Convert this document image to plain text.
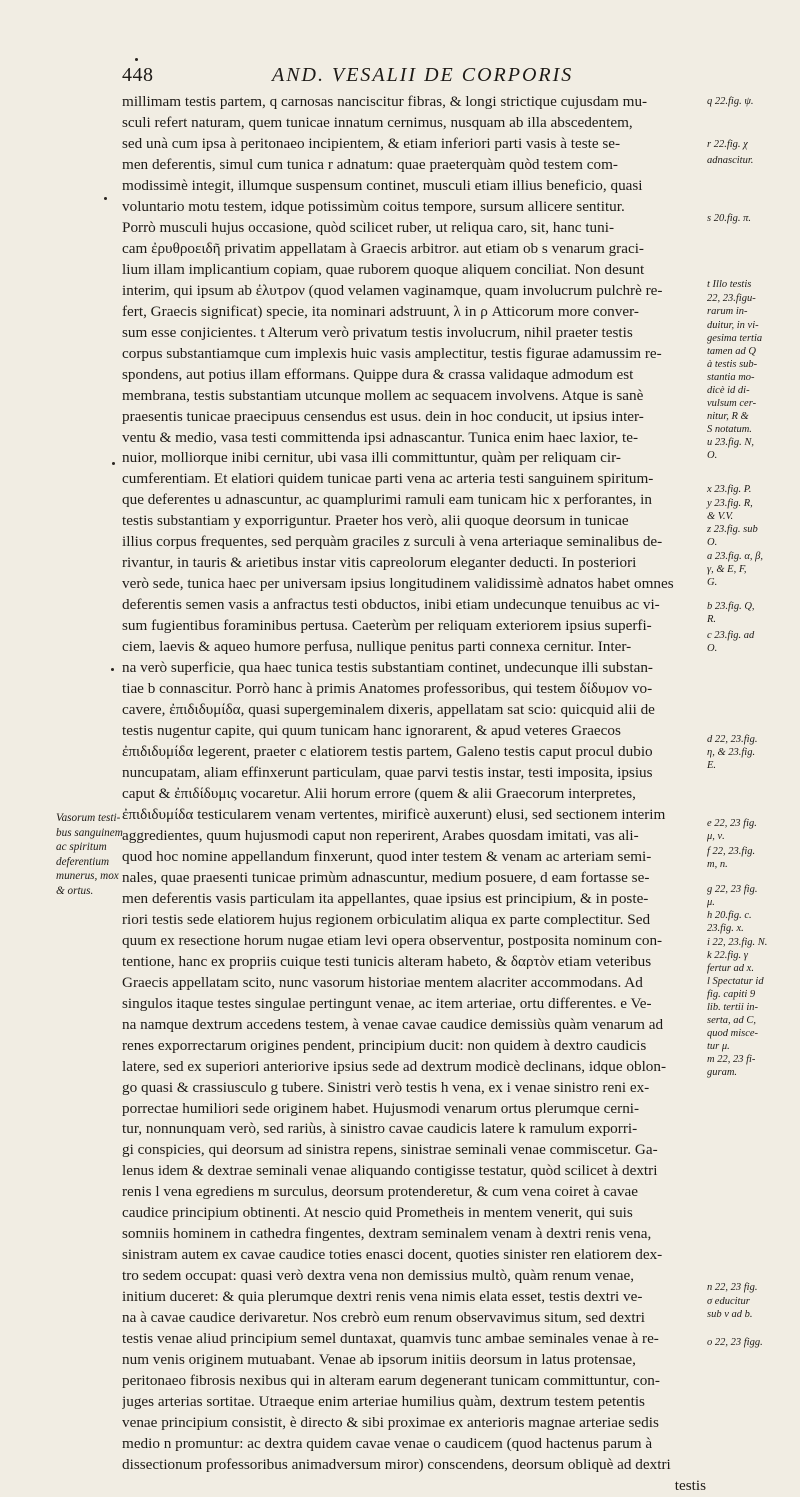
448	AND. VESALII DE CORPORIS
millimam testis partem, q carnosas nanciscitur fibras, & longi strictique cujusdam mu-
sculi refert naturam, quem tunicae innatum cernimus, nusquam ab illa abscedentem,
sed unà cum ipsa à peritonaeo incipientem, & etiam inferiori parti vasis à teste se-
men deferentis, simul cum tunica r adnatum: quae praeterquàm quòd testem com-
modissimè integit, illumque suspensum continet, musculi etiam illius beneficio, quasi
voluntario motu testem, idque potissimùm coitus tempore, sursum allicere sentitur.
Porrò musculi hujus occasione, quòd scilicet ruber, ut reliqua caro, sit, hanc tuni-
cam ἐρυθροειδῆ privatim appellatam à Graecis arbitror. aut etiam ob s venarum graci-
lium illam implicantium copiam, quae ruborem quoque aliquem conciliat. Non desunt
interim, qui ipsum ab ἐλυτρον (quod velamen vaginamque, quam involucrum pulchrè re-
fert, Graecis significat) specie, ita nominari adstruunt, λ in ρ Atticorum more conver-
sum esse conjicientes. t Alterum verò privatum testis involucrum, nihil praeter testis
corpus substantiamque cum implexis huic vasis amplectitur, testis figurae adamussim re-
spondens, aut potius illam efformans. Quippe dura & crassa validaque admodum est
membrana, testis substantiam utcunque mollem ac sequacem involvens. Atque is sanè
praesentis tunicae praecipuus censendus est usus. dein in hoc conducit, ut ipsius inter-
ventu & medio, vasa testi committenda ipsi adnascantur. Tunica enim haec laxior, te-
nuior, molliorque inibi cernitur, ubi vasa illi committuntur, quàm per reliquam cir-
cumferentiam. Et elatiori quidem tunicae parti vena ac arteria testi sanguinem spiritum-
que deferentes u adnascuntur, ac quamplurimi ramuli eam tunicam hic x perforantes, in
testis substantiam y exporriguntur. Praeter hos verò, alii quoque deorsum in tunicae
illius corpus frequentes, sed perquàm graciles z surculi à vena arteriaque seminalibus de-
rivantur, in tauris & arietibus instar vitis capreolorum eleganter deducti. In posteriori
verò sede, tunica haec per universam ipsius longitudinem validissimè adnatos habet omnes
deferentis semen vasis a anfractus testi obductos, inibi etiam undecunque tenuibus ac vi-
sum fugientibus foraminibus pertusa. Caeterùm per reliquam exteriorem ipsius superfi-
ciem, laevis & aqueo humore perfusa, nullique penitus parti connexa cernitur. Inter-
na verò superficie, qua haec tunica testis substantiam continet, undecunque illi substan-
tiae b connascitur. Porrò hanc à primis Anatomes professoribus, qui testem δίδυμον vo-
cavere, ἐπιδιδυμίδα, quasi supergeminalem dixeris, appellatam sat scio: quicquid alii de
testis nugentur capite, qui quum tunicam hanc ignorarent, & apud veteres Graecos
ἐπιδιδυμίδα legerent, praeter c elatiorem testis partem, Galeno testis caput procul dubio
nuncupatam, aliam effinxerunt particulam, quae parvi testis instar, testi imposita, ipsius
caput & ἐπιδίδυμις vocaretur. Alii horum errore (quem & alii Graecorum interpretes,
ἐπιδιδυμίδα testicularem venam vertentes, mirificè auxerunt) elusi, sed sectionem interim
aggredientes, quum hujusmodi caput non reperirent, Arabes quosdam imitati, vas ali-
quod hoc nomine appellandum finxerunt, quod inter testem & venam ac arteriam semi-
nales, quae praesenti tunicae primùm adnascuntur, medium posuere, d eam fortasse se-
men deferentis vasis particulam ita appellantes, quae ipsius est principium, & in poste-
riori testis sede elatiorem hujus regionem orbiculatim aliqua ex parte complectitur. Sed
quum ex resectione horum nugae etiam levi opera observentur, postposita nominum con-
tentione, hanc ex propriis cuique testi tunicis alteram habeto, & δαρτὸν etiam veteribus
Graecis appellatam scito, nunc vasorum historiae mentem alacriter accommodans. Ad
singulos itaque testes singulae pertingunt venae, ac item arteriae, ortu differentes. e Ve-
na namque dextrum accedens testem, à venae cavae caudice demissiùs quàm venarum ad
renes exporrectarum origines pendent, principium ducit: non quidem à dextro caudicis
latere, sed ex superiori anteriorive ipsius sede ad dextrum modicè declinans, idque oblon-
go quasi & crassiusculo g tubere. Sinistri verò testis h vena, ex i venae sinistro reni ex-
porrectae humiliori sede originem habet. Hujusmodi venarum ortus plerumque cerni-
tur, nonnunquam verò, sed rariùs, à sinistro cavae caudicis latere k ramulum exporri-
gi conspicies, qui deorsum ad sinistra repens, sinistrae seminali venae commiscetur. Ga-
lenus idem & dextrae seminali venae aliquando contigisse testatur, quòd scilicet à dextri
renis l vena egrediens m surculus, deorsum protenderetur, & cum vena coiret à cavae
caudice principium obtinenti. At nescio quid Prometheis in mentem venerit, qui suis
somniis hominem in cathedra fingentes, dextram seminalem venam à dextri renis vena,
sinistram autem ex cavae caudice toties enasci docent, quoties sinister ren elatiorem dex-
tro sedem occupat: quasi verò dextra vena non demissius multò, quàm renum venae,
initium duceret: & quia plerumque dextri renis vena nimis elata esset, testis dextri ve-
na à cavae caudice derivaretur. Nos crebrò eum renum observavimus situm, sed dextri
testis venae aliud principium semel duntaxat, quamvis tunc ambae seminales venae à re-
num venis originem mutuabant. Venae ab ipsorum initiis deorsum in latus protensae,
peritonaeo fibrosis nexibus qui in alteram earum degenerant tunicam committuntur, con-
juges arterias sortitae. Utraeque enim arteriae humilius quàm, dextrum testem petentis
venae principium consistit, è directo & sibi proximae ex anterioris magnae arteriae sedis
medio n promuntur: ac dextra quidem cavae venae o caudicem (quod hactenus parum à
dissectionum professoribus animadversum miror) conscendens, deorsum obliquè ad dextri
testis
Vasorum testi-
bus sanguinem
ac spiritum
deferentium
munerus, mox
& ortus.
q 22.fig. ψ.
r 22.fig. χ
adnascitur.
s 20.fig. π.
t Illo testis
22, 23.figu-
rarum in-
duitur, in vi-
gesima tertia
tamen ad Q
à testis sub-
stantia mo-
dicè id di-
vulsum cer-
nitur, R &
S notatum.
u 23.fig. N,
O.
x 23.fig. P.
y 23.fig. R,
& V.V.
z 23.fig. sub
O.
a 23.fig. α, β,
γ, & E, F,
G.
b 23.fig. Q,
R.
c 23.fig. ad
O.
d 22, 23.fig.
η, & 23.fig.
E.
e 22, 23 fig.
μ, ν.
f 22, 23.fig.
m, n.
g 22, 23 fig.
μ.
h 20.fig. c.
23.fig. x.
i 22, 23.fig. N.
k 22.fig. γ
fertur ad x.
l Spectatur id
fig. capiti 9
lib. tertii in-
serta, ad C,
quod misce-
tur μ.
m 22, 23 fi-
guram.
n 22, 23 fig.
σ educitur
sub ν ad b.
o 22, 23 figg.
